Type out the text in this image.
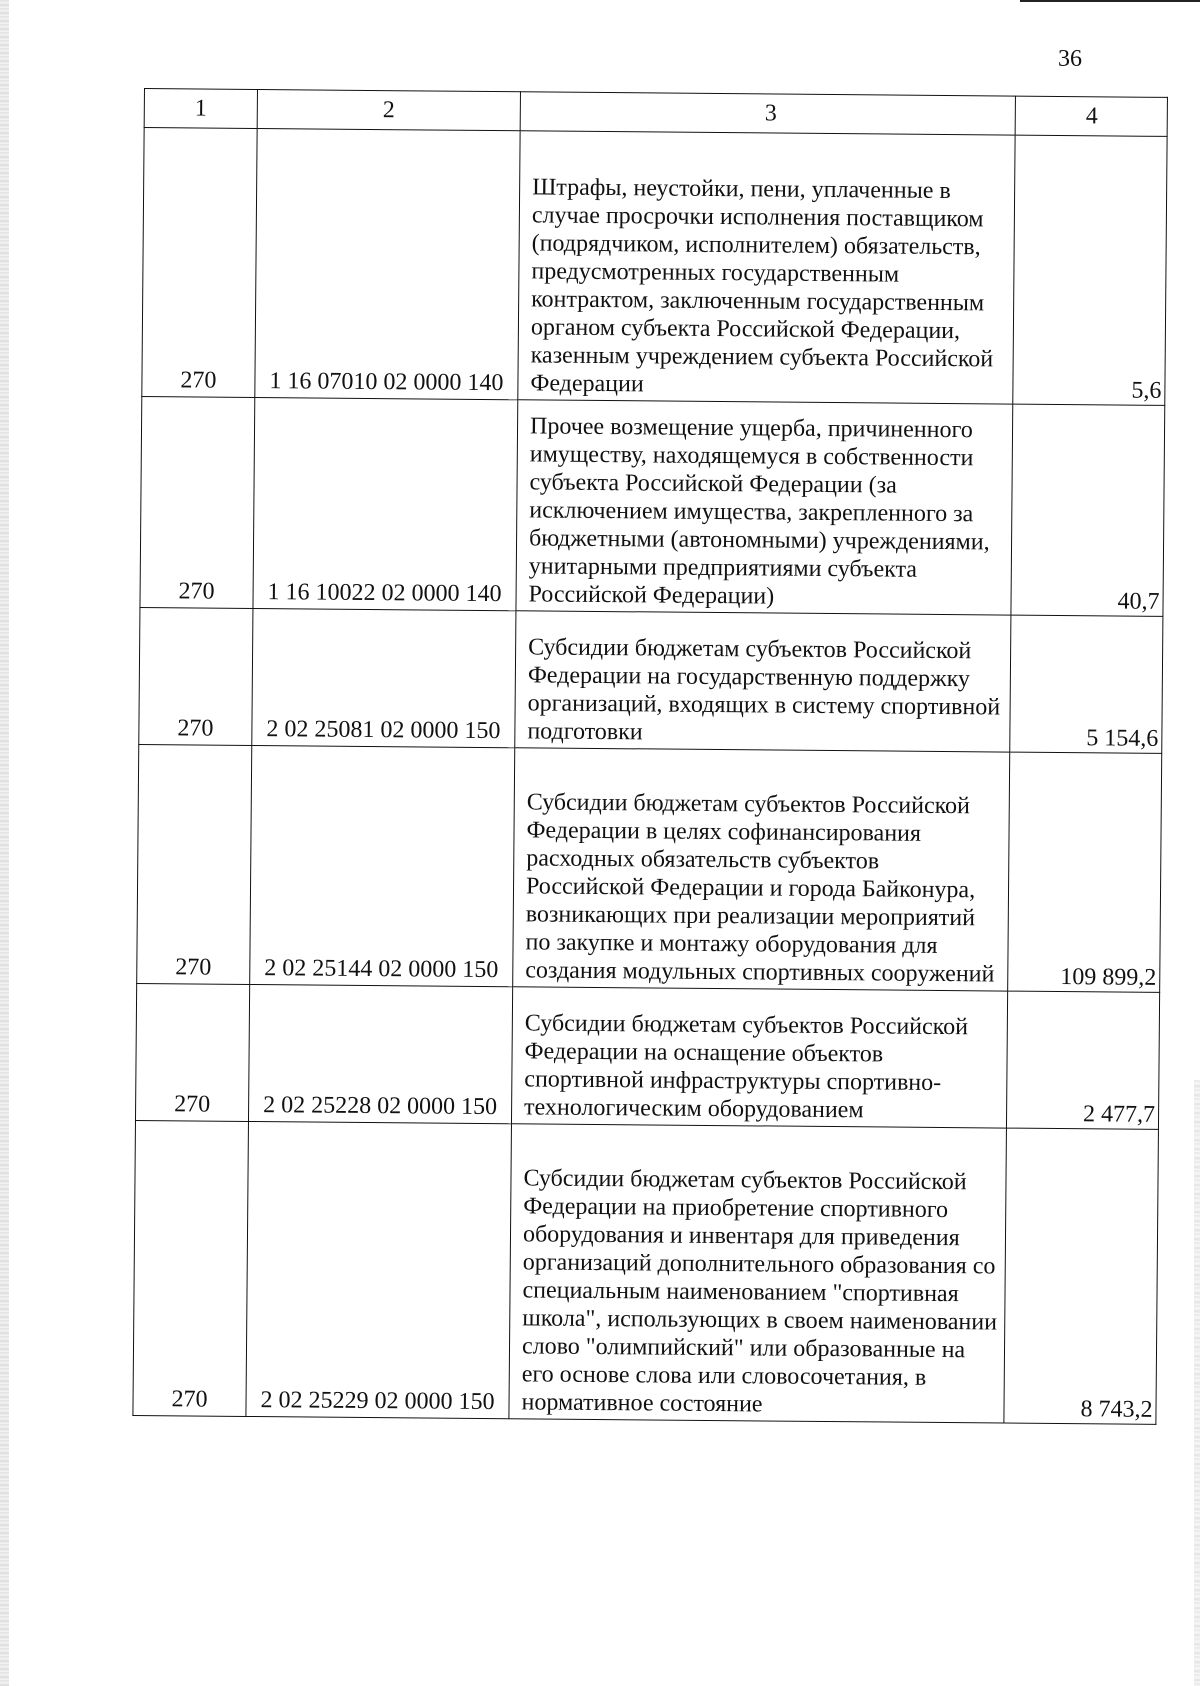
36
1	2	3	4
270	1 16 07010 02 0000 140	Штрафы, неустойки, пени, уплаченные в случае просрочки исполнения поставщиком (подрядчиком, исполнителем) обязательств, предусмотренных государственным контрактом, заключенным государственным органом субъекта Российской Федерации, казенным учреждением субъекта Российской Федерации	5,6
270	1 16 10022 02 0000 140	Прочее возмещение ущерба, причиненного имуществу, находящемуся в собственности субъекта Российской Федерации (за исключением имущества, закрепленного за бюджетными (автономными) учреждениями, унитарными предприятиями субъекта Российской Федерации)	40,7
270	2 02 25081 02 0000 150	Субсидии бюджетам субъектов Российской Федерации на государственную поддержку организаций, входящих в систему спортивной подготовки	5 154,6
270	2 02 25144 02 0000 150	Субсидии бюджетам субъектов Российской Федерации в целях софинансирования расходных обязательств субъектов Российской Федерации и города Байконура, возникающих при реализации мероприятий по закупке и монтажу оборудования для создания модульных спортивных сооружений	109 899,2
270	2 02 25228 02 0000 150	Субсидии бюджетам субъектов Российской Федерации на оснащение объектов спортивной инфраструктуры спортивно-технологическим оборудованием	2 477,7
270	2 02 25229 02 0000 150	Субсидии бюджетам субъектов Российской Федерации на приобретение спортивного оборудования и инвентаря для приведения организаций дополнительного образования со специальным наименованием "спортивная школа", использующих в своем наименовании слово "олимпийский" или образованные на его основе слова или словосочетания, в нормативное состояние	8 743,2
